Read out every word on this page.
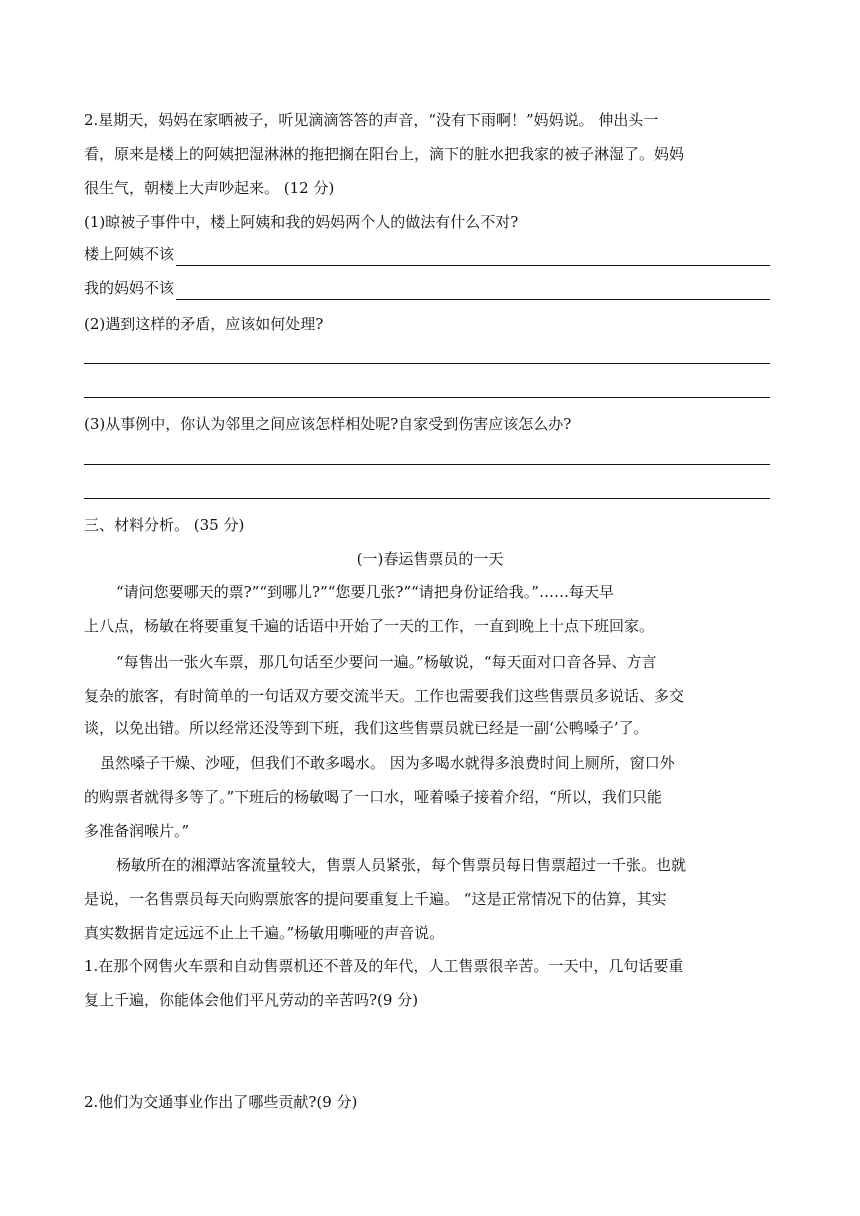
2.星期天，妈妈在家晒被子，听见滴滴答答的声音，“没有下雨啊！”妈妈说。 伸出头一
看，原来是楼上的阿姨把湿淋淋的拖把搁在阳台上，滴下的脏水把我家的被子淋湿了。妈妈
很生气，朝楼上大声吵起来。 (12 分)
(1)晾被子事件中，楼上阿姨和我的妈妈两个人的做法有什么不对?
楼上阿姨不该
我的妈妈不该
(2)遇到这样的矛盾，应该如何处理?
(3)从事例中，你认为邻里之间应该怎样相处呢?自家受到伤害应该怎么办?
三、材料分析。 (35 分)
(一)春运售票员的一天
“请问您要哪天的票?”“到哪儿?”“您要几张?”“请把身份证给我。”……每天早
上八点，杨敏在将要重复千遍的话语中开始了一天的工作，一直到晚上十点下班回家。
“每售出一张火车票，那几句话至少要问一遍。”杨敏说，“每天面对口音各异、方言
复杂的旅客，有时简单的一句话双方要交流半天。工作也需要我们这些售票员多说话、多交
谈，以免出错。所以经常还没等到下班，我们这些售票员就已经是一副‘公鸭嗓子’了。
虽然嗓子干燥、沙哑，但我们不敢多喝水。 因为多喝水就得多浪费时间上厕所，窗口外
的购票者就得多等了。”下班后的杨敏喝了一口水，哑着嗓子接着介绍，“所以，我们只能
多准备润喉片。”
杨敏所在的湘潭站客流量较大，售票人员紧张，每个售票员每日售票超过一千张。也就
是说，一名售票员每天向购票旅客的提问要重复上千遍。 “这是正常情况下的估算，其实
真实数据肯定远远不止上千遍。”杨敏用嘶哑的声音说。
1.在那个网售火车票和自动售票机还不普及的年代，人工售票很辛苦。一天中，几句话要重
复上千遍，你能体会他们平凡劳动的辛苦吗?(9 分)
2.他们为交通事业作出了哪些贡献?(9 分)
